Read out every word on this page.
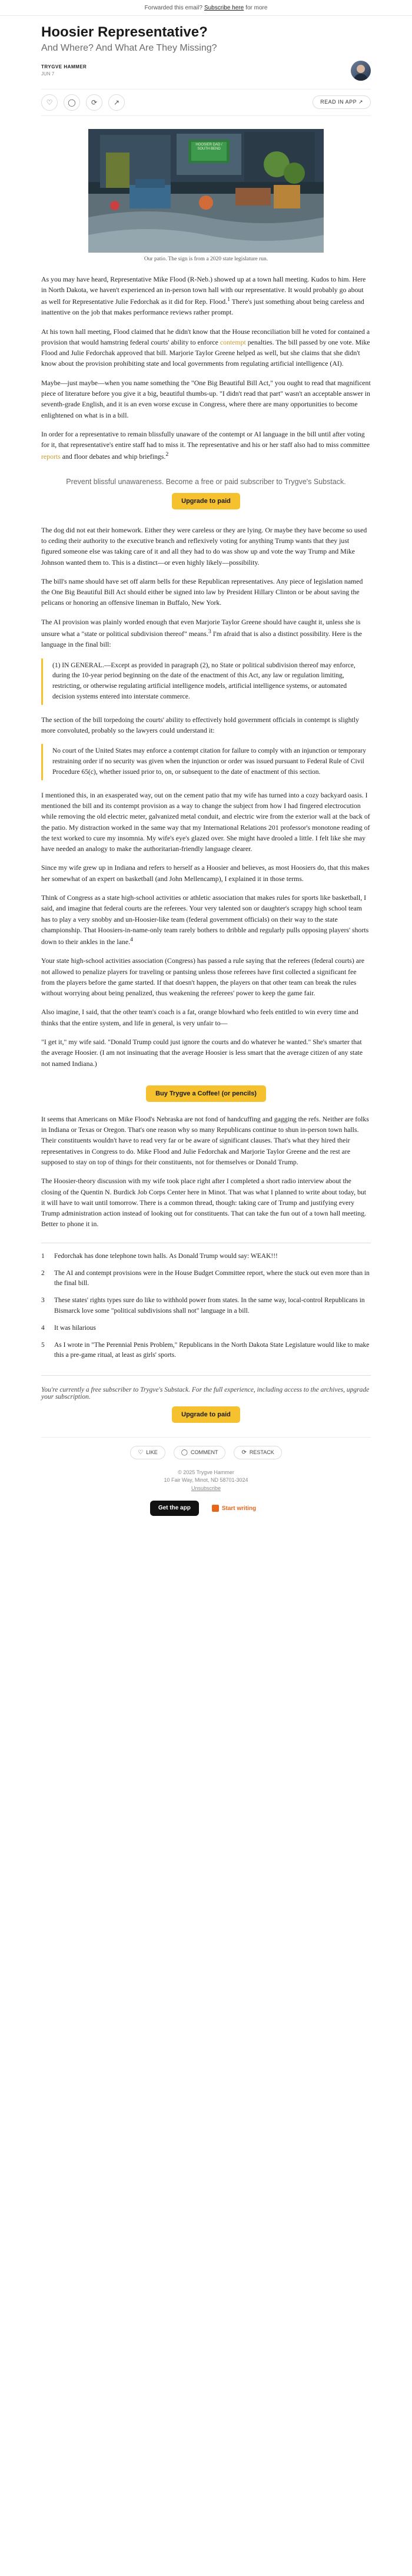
Forwarded this email? Subscribe here for more
Hoosier Representative?
And Where? And What Are They Missing?
TRYGVE HAMMER
JUN 7
♡	◯	⟳	↗	READ IN APP ↗
HOOSIER DAD / SOUTH BEND
Our patio. The sign is from a 2020 state legislature run.

As you may have heard, Representative Mike Flood (R-Neb.) showed up at a town hall meeting. Kudos to him. Here in North Dakota, we haven't experienced an in-person town hall with our representative. It would probably go about as well for Representative Julie Fedorchak as it did for Rep. Flood.$^1$ There's just something about being careless and inattentive on the job that makes performance reviews rather prompt.

At his town hall meeting, Flood claimed that he didn't know that the House reconciliation bill he voted for contained a provision that would hamstring federal courts' ability to enforce contempt penalties. The bill passed by one vote. Mike Flood and Julie Fedorchak approved that bill. Marjorie Taylor Greene helped as well, but she claims that she didn't know about the provision prohibiting state and local governments from regulating artificial intelligence (AI).

Maybe—just maybe—when you name something the "One Big Beautiful Bill Act," you ought to read that magnificent piece of literature before you give it a big, beautiful thumbs-up. "I didn't read that part" wasn't an acceptable answer in seventh-grade English, and it is an even worse excuse in Congress, where there are many opportunities to become enlightened on what is in a bill.

In order for a representative to remain blissfully unaware of the contempt or AI language in the bill until after voting for it, that representative's entire staff had to miss it. The representative and his or her staff also had to miss committee reports and floor debates and whip briefings.$^2$

Prevent blissful unawareness. Become a free or paid subscriber to Trygve's Substack.
Upgrade to paid

The dog did not eat their homework. Either they were careless or they are lying. Or maybe they have become so used to ceding their authority to the executive branch and reflexively voting for anything Trump wants that they just figured someone else was taking care of it and all they had to do was show up and vote the way Trump and Mike Johnson wanted them to. This is a distinct—or even highly likely—possibility.

The bill's name should have set off alarm bells for these Republican representatives. Any piece of legislation named the One Big Beautiful Bill Act should either be signed into law by President Hillary Clinton or be about saving the pelicans or honoring an offensive lineman in Buffalo, New York.

The AI provision was plainly worded enough that even Marjorie Taylor Greene should have caught it, unless she is unsure what a "state or political subdivision thereof" means.$^3$ I'm afraid that is also a distinct possibility. Here is the language in the final bill:

(1) IN GENERAL.—Except as provided in paragraph (2), no State or political subdivision thereof may enforce, during the 10-year period beginning on the date of the enactment of this Act, any law or regulation limiting, restricting, or otherwise regulating artificial intelligence models, artificial intelligence systems, or automated decision systems entered into interstate commerce.

The section of the bill torpedoing the courts' ability to effectively hold government officials in contempt is slightly more convoluted, probably so the lawyers could understand it:

No court of the United States may enforce a contempt citation for failure to comply with an injunction or temporary restraining order if no security was given when the injunction or order was issued pursuant to Federal Rule of Civil Procedure 65(c), whether issued prior to, on, or subsequent to the date of enactment of this section.

I mentioned this, in an exasperated way, out on the cement patio that my wife has turned into a cozy backyard oasis. I mentioned the bill and its contempt provision as a way to change the subject from how I had fingered electrocution while removing the old electric meter, galvanized metal conduit, and electric wire from the exterior wall at the back of the patio. My distraction worked in the same way that my International Relations 201 professor's monotone reading of the text worked to cure my insomnia. My wife's eye's glazed over. She might have drooled a little. I felt like she may have needed an analogy to make the authoritarian-friendly language clearer.

Since my wife grew up in Indiana and refers to herself as a Hoosier and believes, as most Hoosiers do, that this makes her somewhat of an expert on basketball (and John Mellencamp), I explained it in those terms.

Think of Congress as a state high-school activities or athletic association that makes rules for sports like basketball, I said, and imagine that federal courts are the referees. Your very talented son or daughter's scrappy high school team has to play a very snobby and un-Hoosier-like team (federal government officials) on their way to the state championship. That Hoosiers-in-name-only team rarely bothers to dribble and regularly pulls opposing players' shorts down to their ankles in the lane.$^4$

Your state high-school activities association (Congress) has passed a rule saying that the referees (federal courts) are not allowed to penalize players for traveling or pantsing unless those referees have first collected a significant fee from the players before the game started. If that doesn't happen, the players on that other team can break the rules without worrying about being penalized, thus weakening the referees' power to keep the game fair.

Also imagine, I said, that the other team's coach is a fat, orange blowhard who feels entitled to win every time and thinks that the entire system, and life in general, is very unfair to—

"I get it," my wife said. "Donald Trump could just ignore the courts and do whatever he wanted." She's smarter that the average Hoosier. (I am not insinuating that the average Hoosier is less smart that the average citizen of any state not named Indiana.)

Buy Trygve a Coffee! (or pencils)

It seems that Americans on Mike Flood's Nebraska are not fond of handcuffing and gagging the refs. Neither are folks in Indiana or Texas or Oregon. That's one reason why so many Republicans continue to shun in-person town halls. Their constituents wouldn't have to read very far or be aware of significant clauses. That's what they hired their representatives in Congress to do. Mike Flood and Julie Fedorchak and Marjorie Taylor Greene and the rest are supposed to stay on top of things for their constituents, not for themselves or Donald Trump.

The Hoosier-theory discussion with my wife took place right after I completed a short radio interview about the closing of the Quentin N. Burdick Job Corps Center here in Minot. That was what I planned to write about today, but it will have to wait until tomorrow. There is a common thread, though: taking care of Trump and justifying every Trump administration action instead of looking out for constituents. That can take the fun out of a town hall meeting. Better to phone it in.

1	Fedorchak has done telephone town halls. As Donald Trump would say: WEAK!!!
2	The AI and contempt provisions were in the House Budget Committee report, where the stuck out even more than in the final bill.
3	These states' rights types sure do like to withhold power from states. In the same way, local-control Republicans in Bismarck love some "political subdivisions shall not" language in a bill.
4	It was hilarious
5	As I wrote in "The Perennial Penis Problem," Republicans in the North Dakota State Legislature would like to make this a pre-game ritual, at least as girls' sports.
You're currently a free subscriber to Trygve's Substack. For the full experience, including access to the archives, upgrade your subscription.
Upgrade to paid
♡ LIKE	◯ COMMENT	⟳ RESTACK
© 2025 Trygve Hammer
10 Fair Way, Minot, ND 58701-3024
Unsubscribe
Get the app	Start writing
